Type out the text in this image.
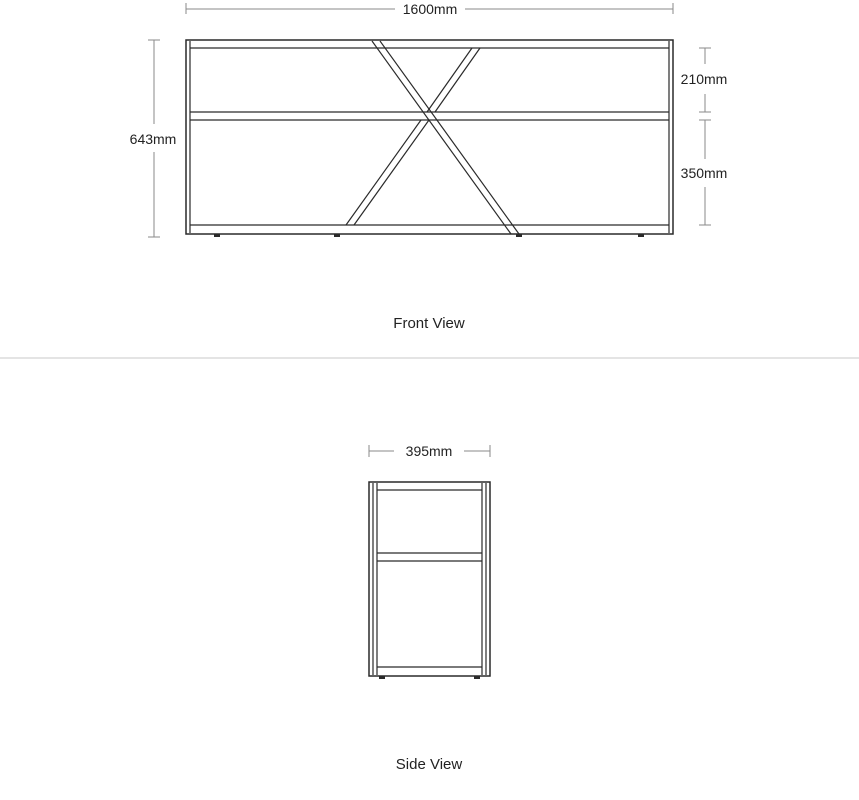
1600mm
643mm
210mm
350mm
Front View
395mm
Side View
